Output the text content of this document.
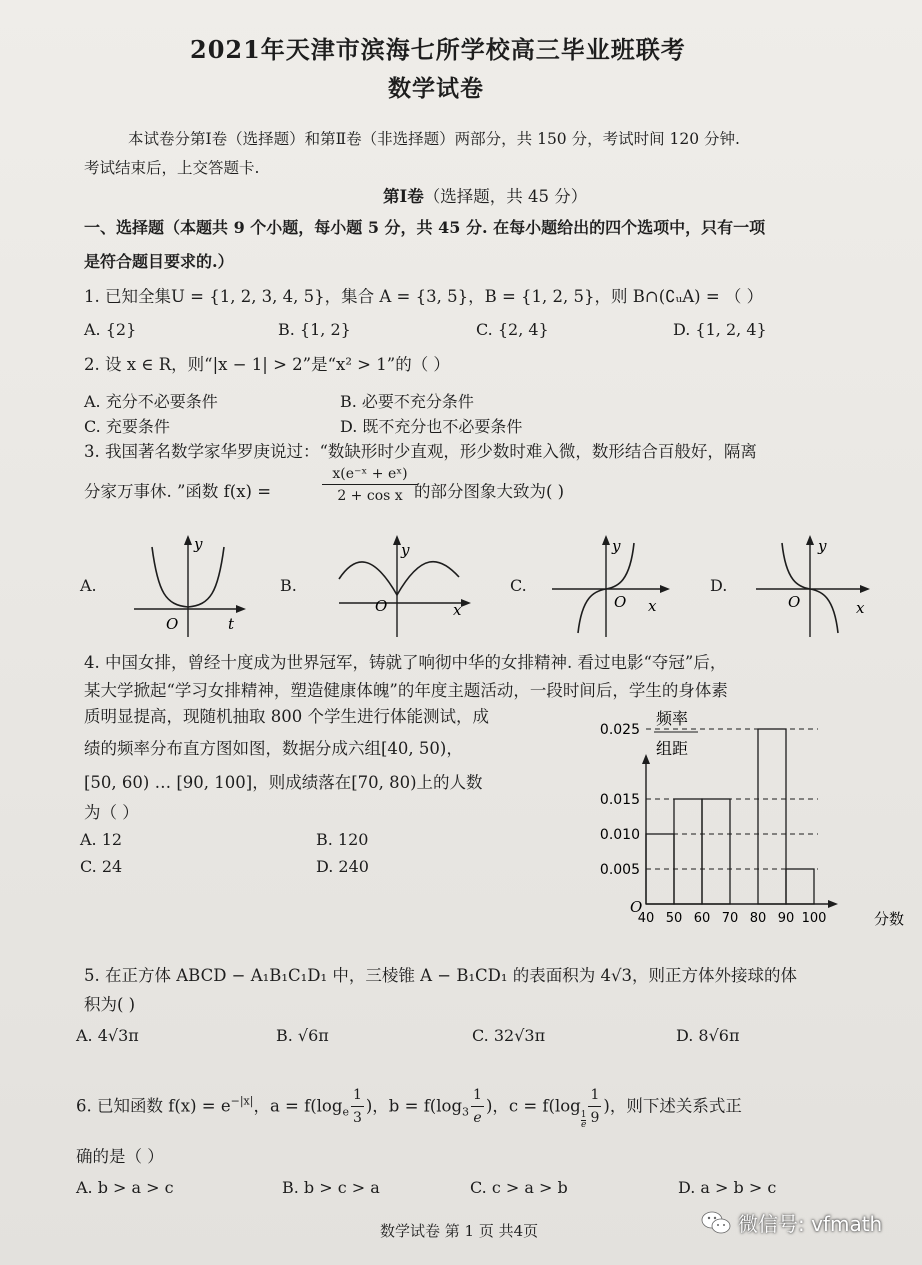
2021年天津市滨海七所学校高三毕业班联考
数学试卷
本试卷分第Ⅰ卷（选择题）和第Ⅱ卷（非选择题）两部分，共 150 分，考试时间 120 分钟.
考试结束后，上交答题卡.
第Ⅰ卷（选择题，共 45 分）
一、选择题（本题共 9 个小题，每小题 5 分，共 45 分. 在每小题给出的四个选项中，只有一项
是符合题目要求的.）
1. 已知全集U = {1, 2, 3, 4, 5}，集合 A = {3, 5}，B = {1, 2, 5}，则 B∩(∁ᵤA) = （ ）
A. {2}	B. {1, 2}	C. {2, 4}	D. {1, 2, 4}
2. 设 x ∈ R，则“|x − 1| > 2”是“x² > 1”的（ ）
A. 充分不必要条件	B. 必要不充分条件
C. 充要条件	D. 既不充分也不必要条件
3. 我国著名数学家华罗庚说过：“数缺形时少直观，形少数时难入微，数形结合百般好，隔离
分家万事休. ”函数 f(x) =	$\frac{\text{x(e⁻ˣ + eˣ)}}{\text{2 + cos x}}$
的部分图象大致为( )
A.	B.	C.	D.
y
O	t
y
O	x
y
O x
y
O	x
4. 中国女排，曾经十度成为世界冠军，铸就了响彻中华的女排精神. 看过电影“夺冠”后，
某大学掀起“学习女排精神，塑造健康体魄”的年度主题活动，一段时间后，学生的身体素
质明显提高，现随机抽取 800 个学生进行体能测试，成
绩的频率分布直方图如图，数据分成六组[40, 50)，
[50, 60) … [90, 100]，则成绩落在[70, 80)上的人数
为（ ）
A. 12	B. 120
C. 24	D. 240
频率
组距
0.025
0.015
0.010
0.005
40 50 60 70 80 90 100
O
分数
5. 在正方体 ABCD − A₁B₁C₁D₁ 中，三棱锥 A − B₁CD₁ 的表面积为 4√3，则正方体外接球的体
积为( )
A. 4√3π	B. √6π	C. 32√3π	D. 8√6π
6. 已知函数 $f(x) = e^{-|x|}$，$a = f(\log_e \frac{1}{3}$ )，$b = f(\log_3 \frac{1}{e}$ )，c = f(log
$\frac{1}{e} \frac{1}{9}$ )，则下述关系式正
确的是（ ）
A. b > a > c	B. b > c > a	C. c > a > b	D. a > b > c
数学试卷 第 1 页 共4页	微信号: vfmath
